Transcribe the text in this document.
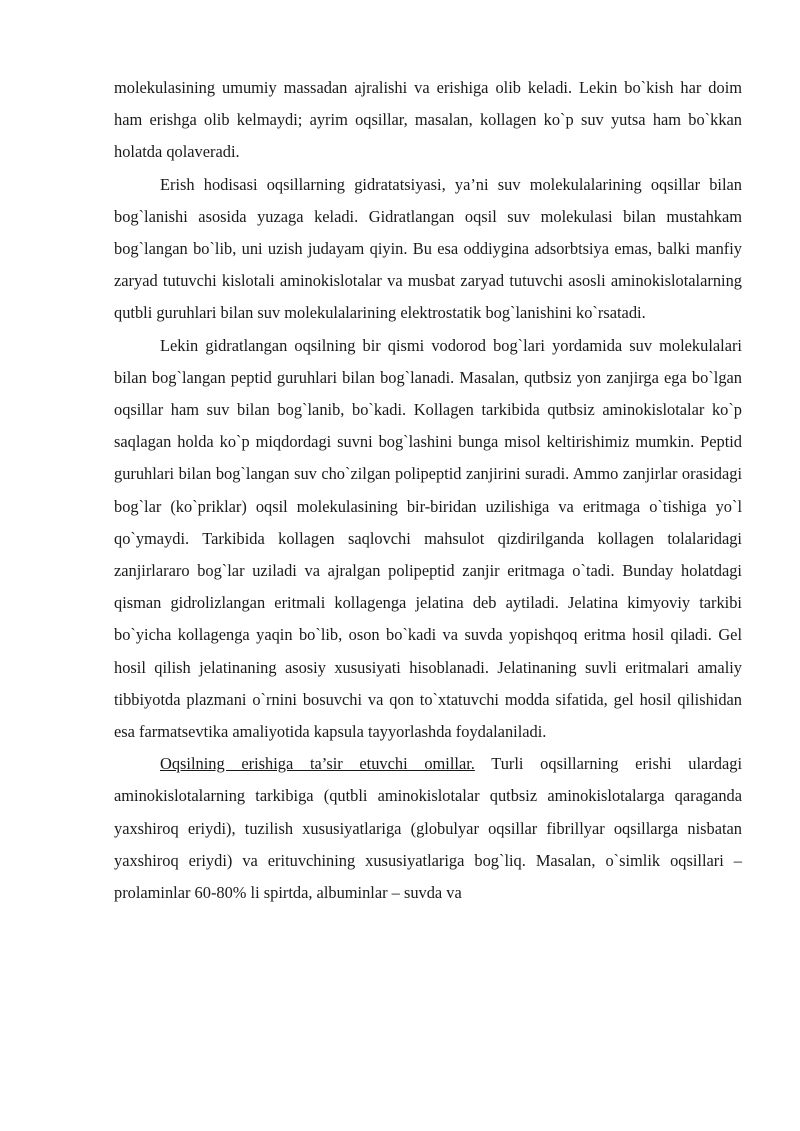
molekulasining umumiy massadan ajralishi va erishiga olib keladi. Lekin bo`kish har doim ham erishga olib kelmaydi; ayrim oqsillar, masalan, kollagen ko`p suv yutsa ham bo`kkan holatda qolaveradi.

Erish hodisasi oqsillarning gidratatsiyasi, ya’ni suv molekulalarining oqsillar bilan bog`lanishi asosida yuzaga keladi. Gidratlangan oqsil suv molekulasi bilan mustahkam bog`langan bo`lib, uni uzish judayam qiyin. Bu esa oddiygina adsorbtsiya emas, balki manfiy zaryad tutuvchi kislotali aminokislotalar va musbat zaryad tutuvchi asosli aminokislotalarning qutbli guruhlari bilan suv molekulalarining elektrostatik bog`lanishini ko`rsatadi.

Lekin gidratlangan oqsilning bir qismi vodorod bog`lari yordamida suv molekulalari bilan bog`langan peptid guruhlari bilan bog`lanadi. Masalan, qutbsiz yon zanjirga ega bo`lgan oqsillar ham suv bilan bog`lanib, bo`kadi. Kollagen tarkibida qutbsiz aminokislotalar ko`p saqlagan holda ko`p miqdordagi suvni bog`lashini bunga misol keltirishimiz mumkin. Peptid guruhlari bilan bog`langan suv cho`zilgan polipeptid zanjirini suradi. Ammo zanjirlar orasidagi bog`lar (ko`priklar) oqsil molekulasining bir-biridan uzilishiga va eritmaga o`tishiga yo`l qo`ymaydi. Tarkibida kollagen saqlovchi mahsulot qizdirilganda kollagen tolalaridagi zanjirlararo bog`lar uziladi va ajralgan polipeptid zanjir eritmaga o`tadi. Bunday holatdagi qisman gidrolizlangan eritmali kollagenga jelatina deb aytiladi. Jelatina kimyoviy tarkibi bo`yicha kollagenga yaqin bo`lib, oson bo`kadi va suvda yopishqoq eritma hosil qiladi. Gel hosil qilish jelatinaning asosiy xususiyati hisoblanadi. Jelatinaning suvli eritmalari amaliy tibbiyotda plazmani o`rnini bosuvchi va qon to`xtatuvchi modda sifatida, gel hosil qilishidan esa farmatsevtika amaliyotida kapsula tayyorlashda foydalaniladi.

Oqsilning erishiga ta’sir etuvchi omillar. Turli oqsillarning erishi ulardagi aminokislotalarning tarkibiga (qutbli aminokislotalar qutbsiz aminokislotalarga qaraganda yaxshiroq eriydi), tuzilish xususiyatlariga (globulyar oqsillar fibrillyar oqsillarga nisbatan yaxshiroq eriydi) va erituvchining xususiyatlariga bog`liq. Masalan, o`simlik oqsillari – prolaminlar 60-80% li spirtda, albuminlar – suvda va
